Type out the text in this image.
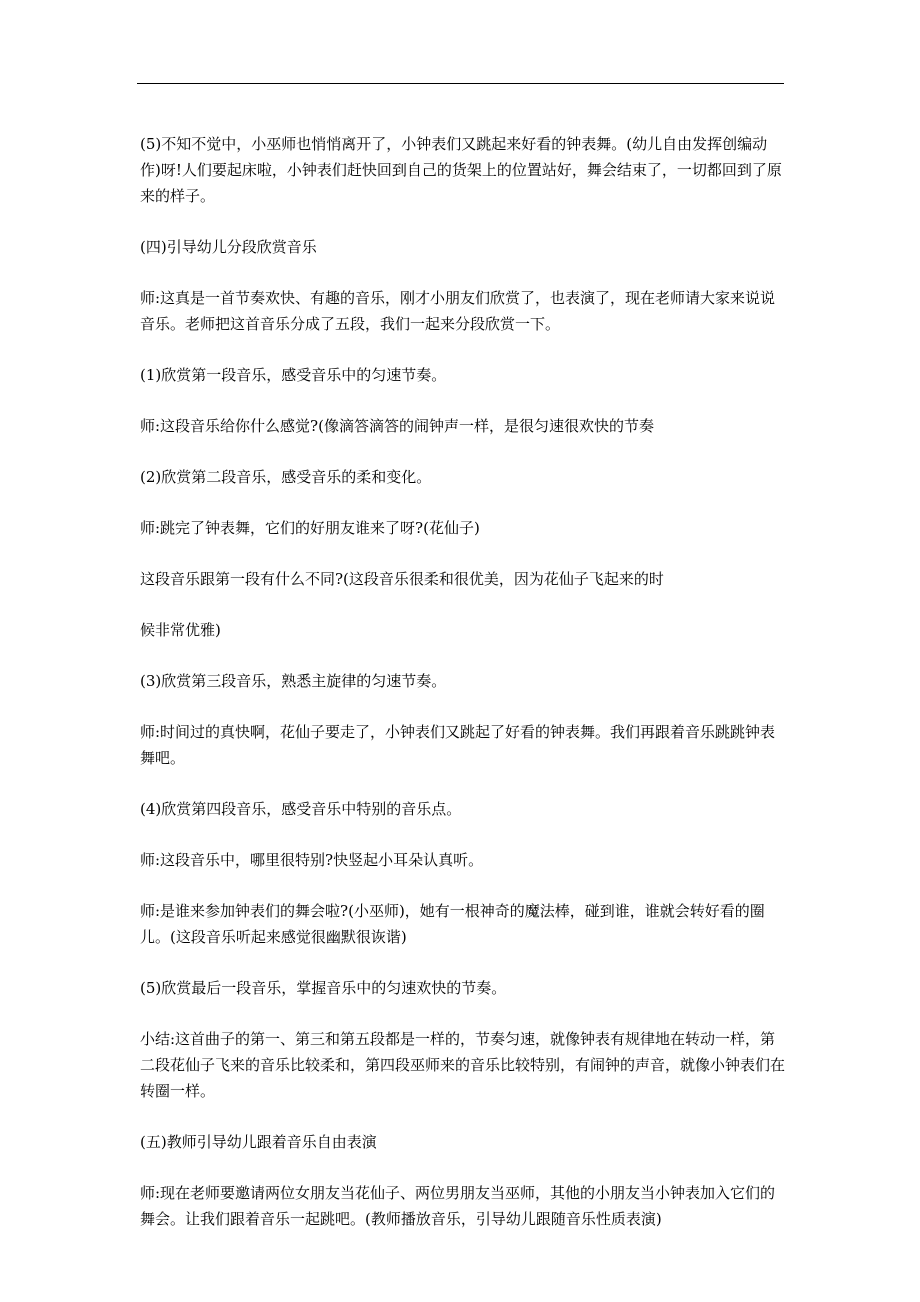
(5)不知不觉中，小巫师也悄悄离开了，小钟表们又跳起来好看的钟表舞。(幼儿自由发挥创编动作)呀!人们要起床啦，小钟表们赶快回到自己的货架上的位置站好，舞会结束了，一切都回到了原来的样子。

(四)引导幼儿分段欣赏音乐

师:这真是一首节奏欢快、有趣的音乐，刚才小朋友们欣赏了，也表演了，现在老师请大家来说说音乐。老师把这首音乐分成了五段，我们一起来分段欣赏一下。

(1)欣赏第一段音乐，感受音乐中的匀速节奏。

师:这段音乐给你什么感觉?(像滴答滴答的闹钟声一样，是很匀速很欢快的节奏

(2)欣赏第二段音乐，感受音乐的柔和变化。

师:跳完了钟表舞，它们的好朋友谁来了呀?(花仙子)

这段音乐跟第一段有什么不同?(这段音乐很柔和很优美，因为花仙子飞起来的时

候非常优雅)

(3)欣赏第三段音乐，熟悉主旋律的匀速节奏。

师:时间过的真快啊，花仙子要走了，小钟表们又跳起了好看的钟表舞。我们再跟着音乐跳跳钟表舞吧。

(4)欣赏第四段音乐，感受音乐中特别的音乐点。

师:这段音乐中，哪里很特别?快竖起小耳朵认真听。

师:是谁来参加钟表们的舞会啦?(小巫师)，她有一根神奇的魔法棒，碰到谁，谁就会转好看的圈儿。(这段音乐听起来感觉很幽默很诙谐)

(5)欣赏最后一段音乐，掌握音乐中的匀速欢快的节奏。

小结:这首曲子的第一、第三和第五段都是一样的，节奏匀速，就像钟表有规律地在转动一样，第二段花仙子飞来的音乐比较柔和，第四段巫师来的音乐比较特别，有闹钟的声音，就像小钟表们在转圈一样。

(五)教师引导幼儿跟着音乐自由表演

师:现在老师要邀请两位女朋友当花仙子、两位男朋友当巫师，其他的小朋友当小钟表加入它们的舞会。让我们跟着音乐一起跳吧。(教师播放音乐，引导幼儿跟随音乐性质表演)
